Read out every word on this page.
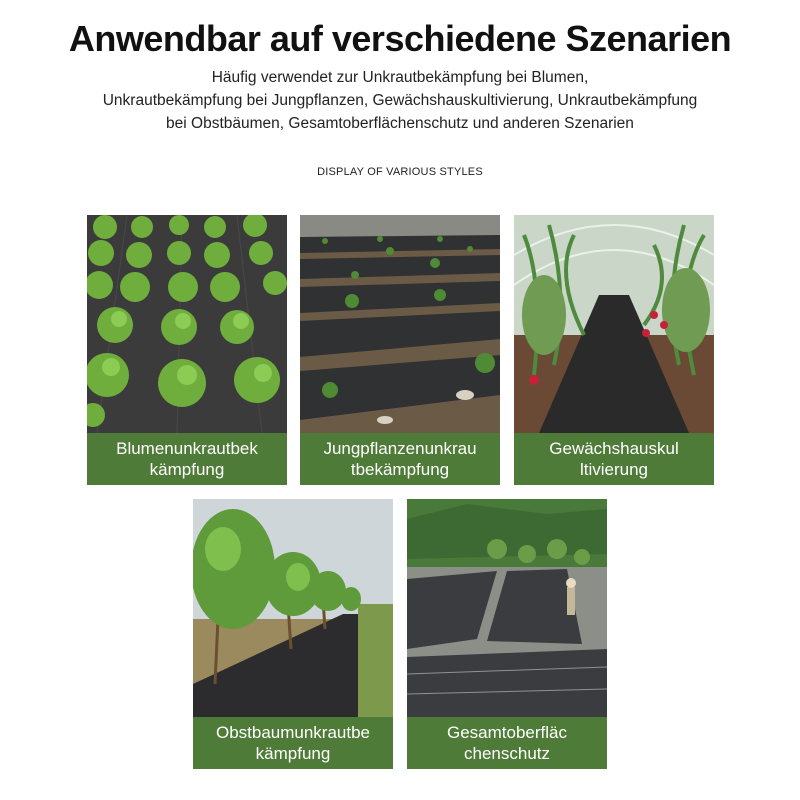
Anwendbar auf verschiedene Szenarien
Häufig verwendet zur Unkrautbekämpfung bei Blumen,
Unkrautbekämpfung bei Jungpflanzen, Gewächshauskultivierung, Unkrautbekämpfung
bei Obstbäumen, Gesamtoberflächenschutz und anderen Szenarien
DISPLAY OF VARIOUS STYLES
Blumenunkrautbek
kämpfung
Jungpflanzenunkrau
tbekämpfung
Gewächshauskul
ltivierung
Obstbaumunkrautbe
kämpfung
Gesamtoberfläc
chenschutz
